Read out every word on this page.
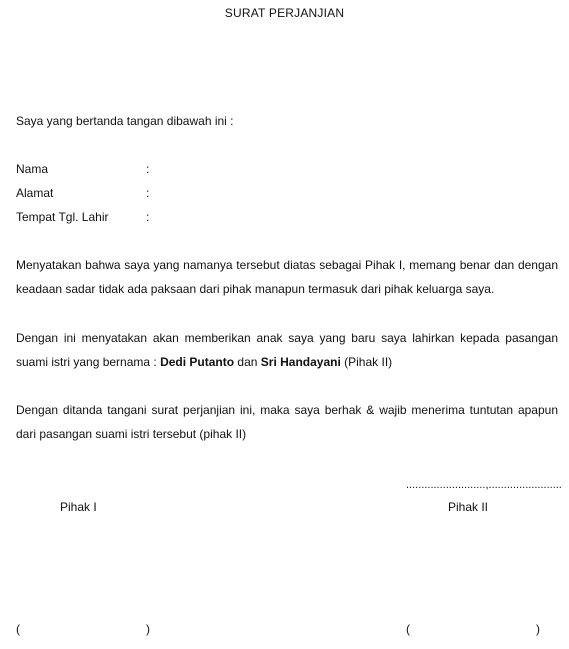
SURAT PERJANJIAN
Saya yang bertanda tangan dibawah ini :
Nama	:
Alamat	:
Tempat Tgl. Lahir	:
Menyatakan bahwa saya yang namanya tersebut diatas sebagai Pihak I, memang benar dan dengan
keadaan sadar tidak ada paksaan dari pihak manapun termasuk dari pihak keluarga saya.
Dengan ini menyatakan akan memberikan anak saya yang baru saya lahirkan kepada pasangan
suami istri yang bernama : Dedi Putanto dan Sri Handayani (Pihak II)
Dengan ditanda tangani surat perjanjian ini, maka saya berhak & wajib menerima tuntutan apapun
dari pasangan suami istri tersebut (pihak II)
..........................,........................
Pihak I	Pihak II
(	)	(	)
